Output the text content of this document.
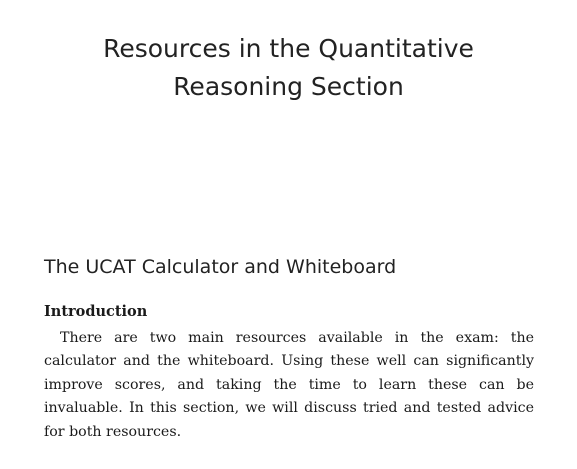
Resources in the Quantitative
Reasoning Section
The UCAT Calculator and Whiteboard
Introduction

There are two main resources available in the exam: the
calculator and the whiteboard. Using these well can significantly
improve scores, and taking the time to learn these can be
invaluable. In this section, we will discuss tried and tested advice
for both resources.
